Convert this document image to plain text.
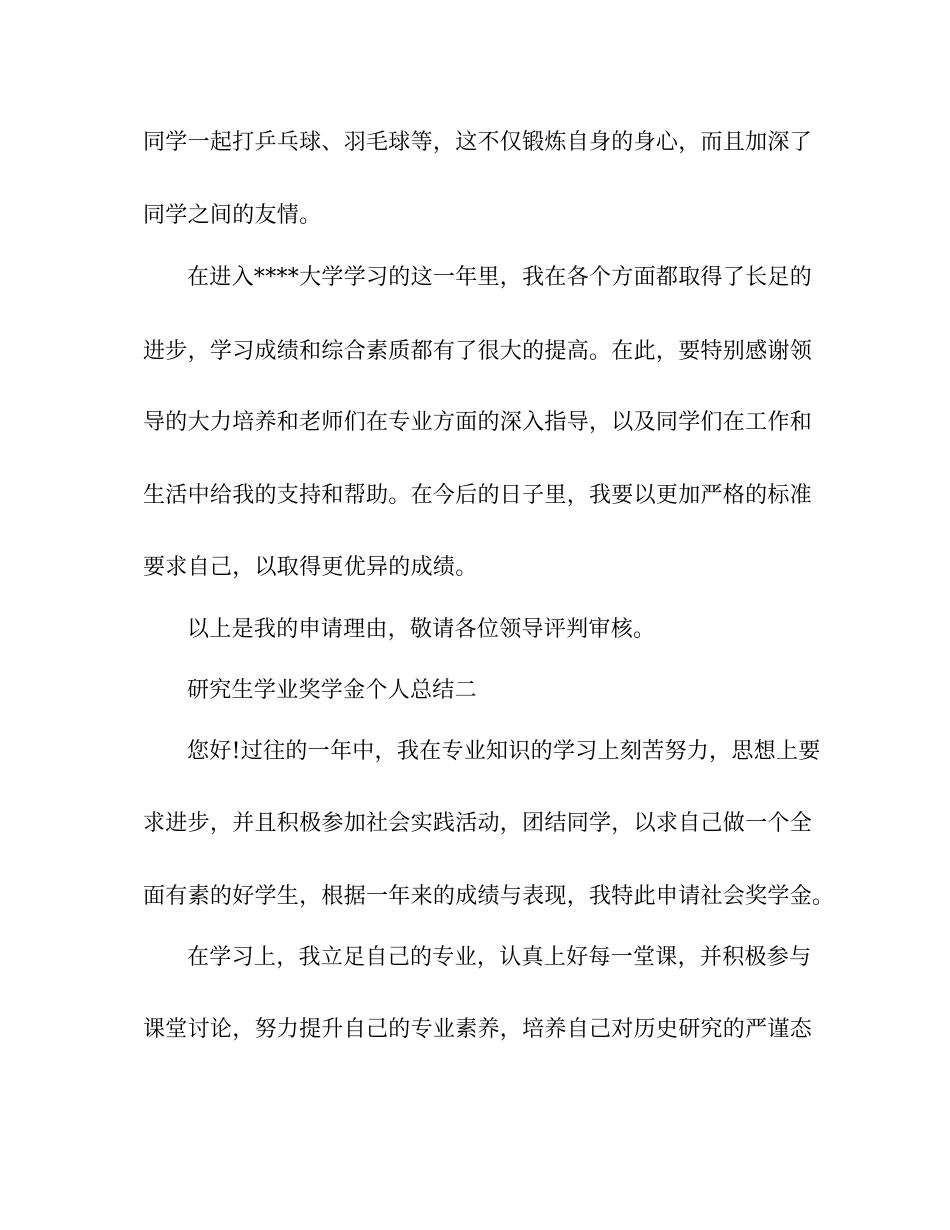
同学一起打乒乓球、羽毛球等，这不仅锻炼自身的身心，而且加深了
同学之间的友情。
在进入****大学学习的这一年里，我在各个方面都取得了长足的
进步，学习成绩和综合素质都有了很大的提高。在此，要特别感谢领
导的大力培养和老师们在专业方面的深入指导，以及同学们在工作和
生活中给我的支持和帮助。在今后的日子里，我要以更加严格的标准
要求自己，以取得更优异的成绩。
以上是我的申请理由，敬请各位领导评判审核。
研究生学业奖学金个人总结二
您好!过往的一年中，我在专业知识的学习上刻苦努力，思想上要
求进步，并且积极参加社会实践活动，团结同学，以求自己做一个全
面有素的好学生，根据一年来的成绩与表现，我特此申请社会奖学金。
在学习上，我立足自己的专业，认真上好每一堂课，并积极参与
课堂讨论，努力提升自己的专业素养，培养自己对历史研究的严谨态
